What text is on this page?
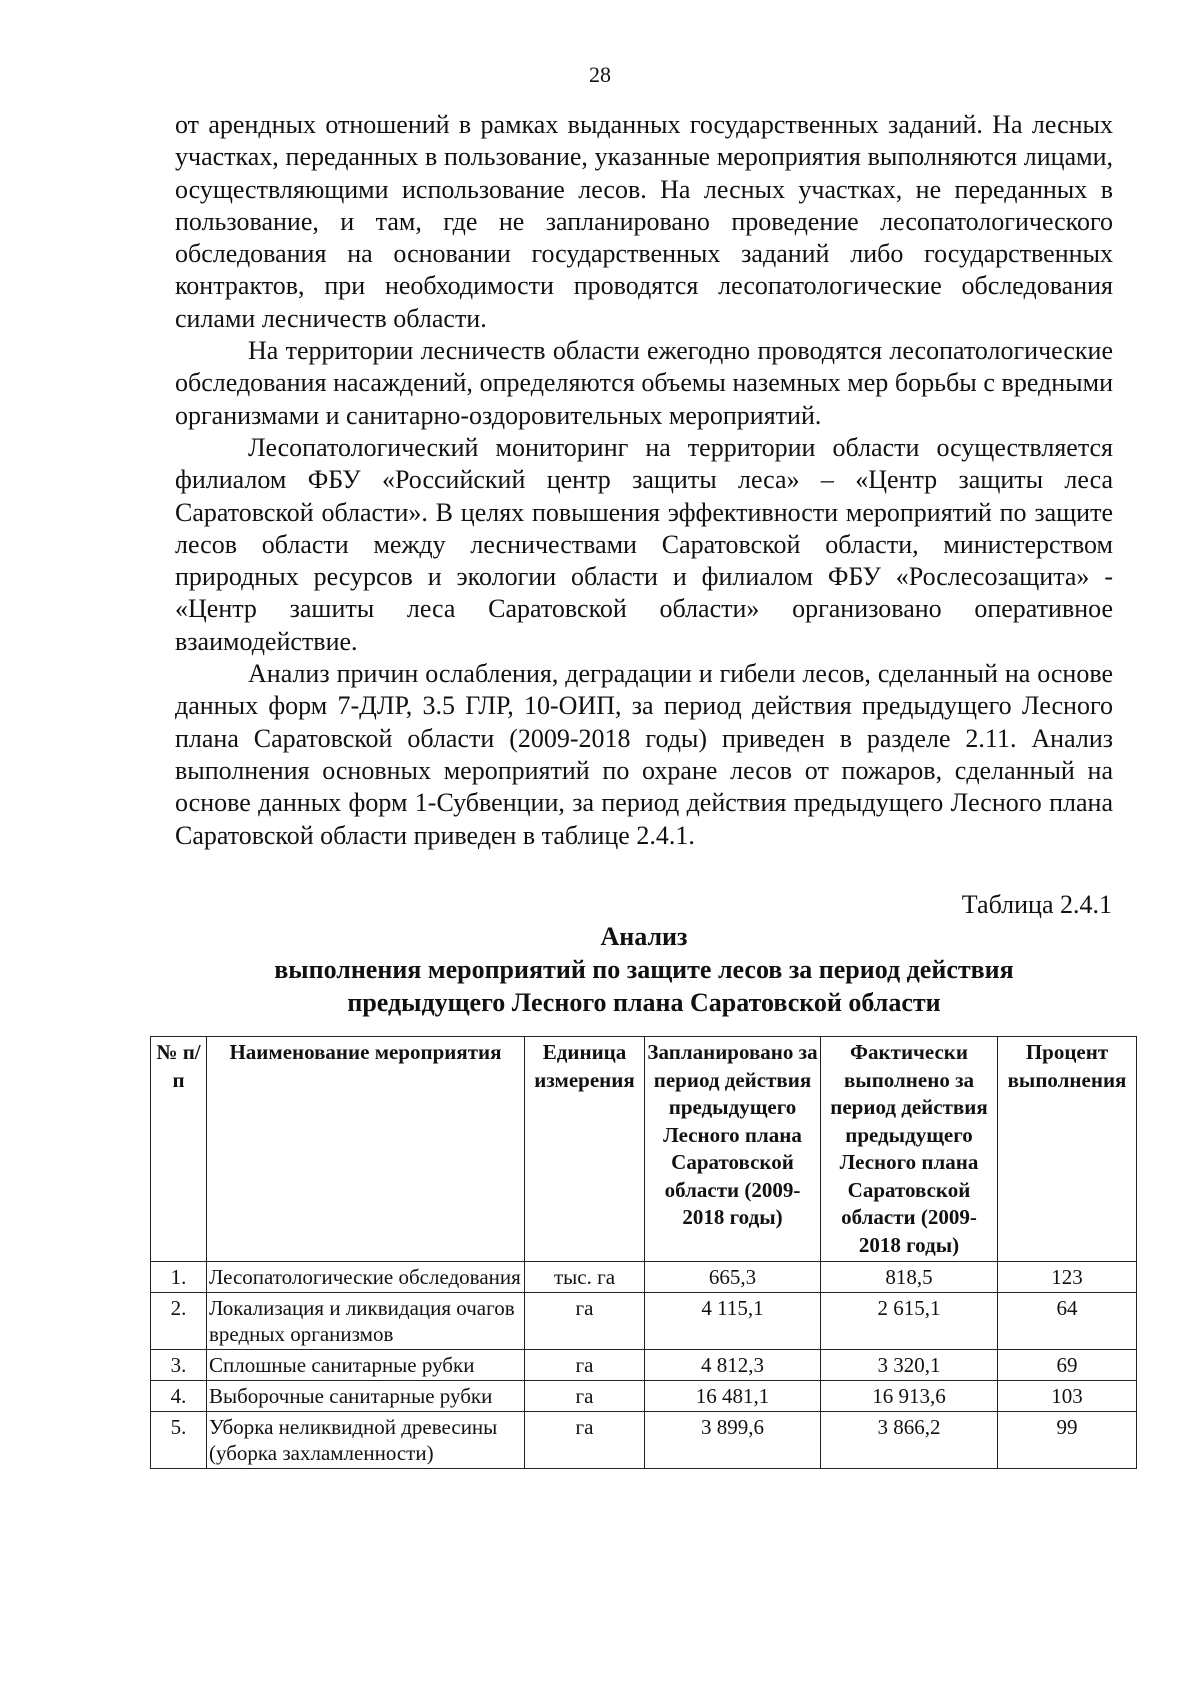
28

от арендных отношений в рамках выданных государственных заданий. На лесных участках, переданных в пользование, указанные мероприятия выполняются лицами, осуществляющими использование лесов. На лесных участках, не переданных в пользование, и там, где не запланировано проведение лесопатологического обследования на основании государственных заданий либо государственных контрактов, при необходимости проводятся лесопатологические обследования силами лесничеств области.

На территории лесничеств области ежегодно проводятся лесопатологические обследования насаждений, определяются объемы наземных мер борьбы с вредными организмами и санитарно-оздоровительных мероприятий.

Лесопатологический мониторинг на территории области осуществляется филиалом ФБУ «Российский центр защиты леса» – «Центр защиты леса Саратовской области». В целях повышения эффективности мероприятий по защите лесов области между лесничествами Саратовской области, министерством природных ресурсов и экологии области и филиалом ФБУ «Рослесозащита» - «Центр зашиты леса Саратовской области» организовано оперативное взаимодействие.

Анализ причин ослабления, деградации и гибели лесов, сделанный на основе данных форм 7-ДЛР, 3.5 ГЛР, 10-ОИП, за период действия предыдущего Лесного плана Саратовской области (2009-2018 годы) приведен в разделе 2.11. Анализ выполнения основных мероприятий по охране лесов от пожаров, сделанный на основе данных форм 1-Субвенции, за период действия предыдущего Лесного плана Саратовской области приведен в таблице 2.4.1.

Таблица 2.4.1
Анализ
выполнения мероприятий по защите лесов за период действия
предыдущего Лесного плана Саратовской области
№ п/п	Наименование мероприятия	Единица измерения	Запланировано за период действия предыдущего Лесного плана Саратовской области (2009-2018 годы)	Фактически выполнено за период действия предыдущего Лесного плана Саратовской области (2009-2018 годы)	Процент выполнения
1.	Лесопатологические обследования	тыс. га	665,3	818,5	123
2.	Локализация и ликвидация очагов вредных организмов	га	4 115,1	2 615,1	64
3.	Сплошные санитарные рубки	га	4 812,3	3 320,1	69
4.	Выборочные санитарные рубки	га	16 481,1	16 913,6	103
5.	Уборка неликвидной древесины (уборка захламленности)	га	3 899,6	3 866,2	99
